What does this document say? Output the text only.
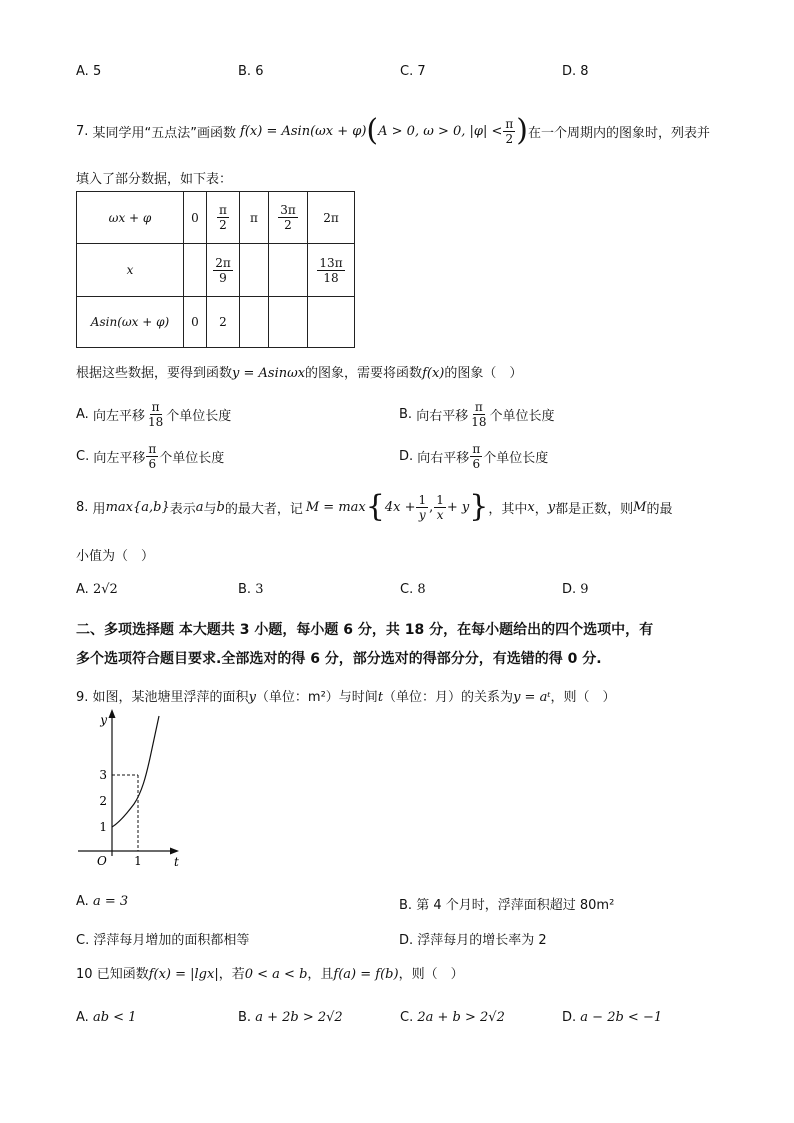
A. 5	B. 6	C. 7	D. 8
7.
某同学用“五点法”画函数 f(x) = Asin(ωx + φ) ( A > 0, ω > 0, $|\varphi| < \frac{\pi}{2}$ ) 在一个周期内的图象时，列表并
填入了部分数据，如下表：
ωx + φ	0	$\frac{\pi}{2}$	π	$\frac{3\pi}{2}$	2π
x		$\frac{2\pi}{9}$			$\frac{13\pi}{18}$

Asin(ωx + φ)	0	2			
根据这些数据，要得到函数y = Asinωx的图象，需要将函数f(x)的图象（　）
A.
向左平移 $\frac{\pi}{18}$ 个单位长度	B.
向右平移 $\frac{\pi}{18}$ 个单位长度
C.
向左平移 $\frac{\pi}{6}$ 个单位长度	D.
向右平移 $\frac{\pi}{6}$ 个单位长度
8.
用 max{a,b} 表示 a 与 b 的最大者，记 M = max { $4x + \frac{1}{y}$ , $\frac{1}{x} + y$ } ，其中 x ， y 都是正数，则 M 的最
小值为（　）
A. 2√2	B. 3	C. 8	D. 9
二、多项选择题 本大题共 3 小题，每小题 6 分，共 18 分，在每小题给出的四个选项中，有
多个选项符合题目要求.全部选对的得 6 分，部分选对的得部分分，有选错的得 0 分.
9. 如图，某池塘里浮萍的面积y（单位：m²）与时间t（单位：月）的关系为y = aᵗ，则（　）
y
t
O
1
2
3
1
A. a = 3	B. 第 4 个月时，浮萍面积超过 80m²
C. 浮萍每月增加的面积都相等	D. 浮萍每月的增长率为 2
10 已知函数f(x) = |lgx|，若0 < a < b，且f(a) = f(b)，则（　）
A. ab < 1	B. a + 2b > 2√2	C. 2a + b > 2√2	D. a − 2b < −1
